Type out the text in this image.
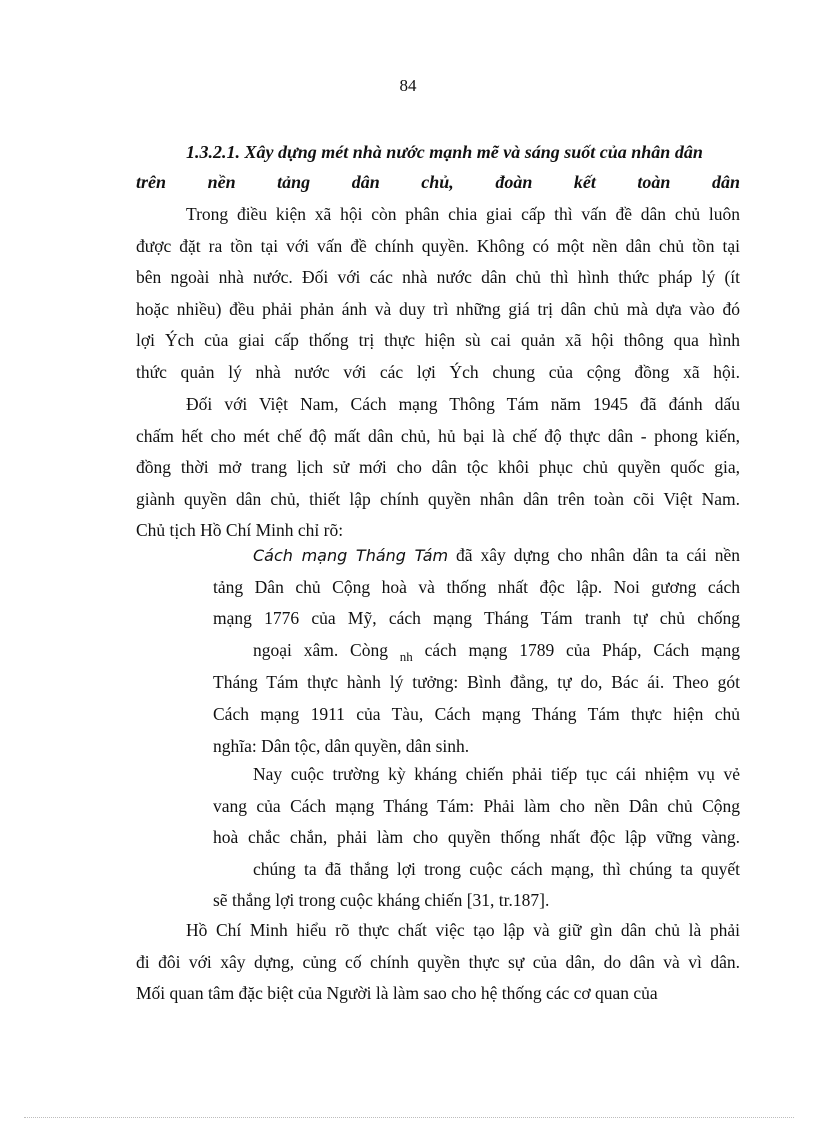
84
1.3.2.1. Xây dựng mét nhà nước mạnh mẽ và sáng suốt của nhân dân
trên nền tảng dân chủ, đoàn kết toàn dân
Trong điều kiện xã hội còn phân chia giai cấp thì vấn đề dân chủ luôn
được đặt ra tồn tại với vấn đề chính quyền. Không có một nền dân chủ tồn tại
bên ngoài nhà nước. Đối với các nhà nước dân chủ thì hình thức pháp lý (ít
hoặc nhiều) đều phải phản ánh và duy trì những giá trị dân chủ mà dựa vào đó
lợi Ých của giai cấp thống trị thực hiện sù cai quản xã hội thông qua hình
thức quản lý nhà nước với các lợi Ých chung của cộng đồng xã hội.
Đối với Việt Nam, Cách mạng Thông Tám năm 1945 đã đánh dấu
chấm hết cho mét chế độ mất dân chủ, hủ bại là chế độ thực dân - phong kiến,
đồng thời mở trang lịch sử mới cho dân tộc khôi phục chủ quyền quốc gia,
giành quyền dân chủ, thiết lập chính quyền nhân dân trên toàn cõi Việt Nam.
Chủ tịch Hồ Chí Minh chỉ rõ:
Cách mạng Tháng Tám đã xây dựng cho nhân dân ta cái nền
tảng Dân chủ Cộng hoà và thống nhất độc lập. Noi gương cách
mạng 1776 của Mỹ, cách mạng Tháng Tám tranh tự chủ chống
ngoại xâm. Còng $_{nh}$ cách mạng 1789 của Pháp, Cách mạng
Tháng Tám thực hành lý tưởng: Bình đẳng, tự do, Bác ái. Theo gót
Cách mạng 1911 của Tàu, Cách mạng Tháng Tám thực hiện chủ
nghĩa: Dân tộc, dân quyền, dân sinh.
Nay cuộc trường kỳ kháng chiến phải tiếp tục cái nhiệm vụ vẻ
vang của Cách mạng Tháng Tám: Phải làm cho nền Dân chủ Cộng
hoà chắc chắn, phải làm cho quyền thống nhất độc lập vững vàng.
chúng ta đã thắng lợi trong cuộc cách mạng, thì chúng ta quyết
sẽ thắng lợi trong cuộc kháng chiến [31, tr.187].
Hồ Chí Minh hiểu rõ thực chất việc tạo lập và giữ gìn dân chủ là phải
đi đôi với xây dựng, củng cố chính quyền thực sự của dân, do dân và vì dân.
Mối quan tâm đặc biệt của Người là làm sao cho hệ thống các cơ quan của
